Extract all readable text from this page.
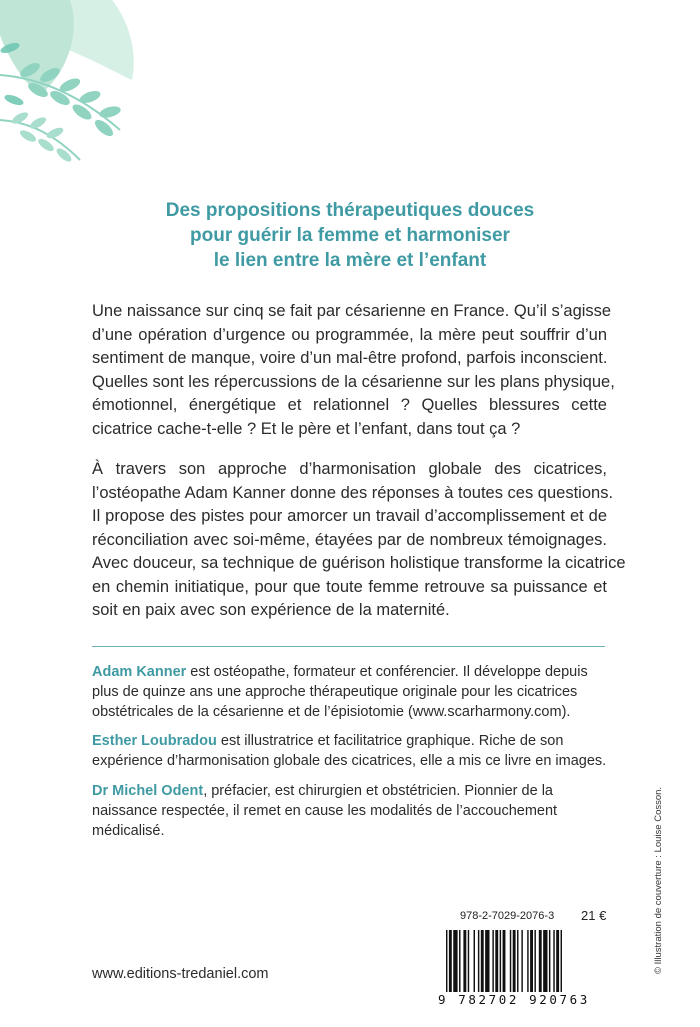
Des propositions thérapeutiques douces
pour guérir la femme et harmoniser
le lien entre la mère et l’enfant
Une naissance sur cinq se fait par césarienne en France. Qu’il s’agisse
d’une opération d’urgence ou programmée, la mère peut souffrir d’un
sentiment de manque, voire d’un mal-être profond, parfois inconscient.
Quelles sont les répercussions de la césarienne sur les plans physique,
émotionnel, énergétique et relationnel ? Quelles blessures cette
cicatrice cache-t-elle ? Et le père et l’enfant, dans tout ça ?
À travers son approche d’harmonisation globale des cicatrices,
l’ostéopathe Adam Kanner donne des réponses à toutes ces questions.
Il propose des pistes pour amorcer un travail d’accomplissement et de
réconciliation avec soi-même, étayées par de nombreux témoignages.
Avec douceur, sa technique de guérison holistique transforme la cicatrice
en chemin initiatique, pour que toute femme retrouve sa puissance et
soit en paix avec son expérience de la maternité.
Adam Kanner est ostéopathe, formateur et conférencier. Il développe depuis
plus de quinze ans une approche thérapeutique originale pour les cicatrices
obstétricales de la césarienne et de l’épisiotomie (www.scarharmony.com).
Esther Loubradou est illustratrice et facilitatrice graphique. Riche de son
expérience d’harmonisation globale des cicatrices, elle a mis ce livre en images.
Dr Michel Odent, préfacier, est chirurgien et obstétricien. Pionnier de la
naissance respectée, il remet en cause les modalités de l’accouchement
médicalisé.	© Illustration de couverture : Louise Cosson.
978-2-7029-2076-3 21 €
9 782702 920763
www.editions-tredaniel.com
